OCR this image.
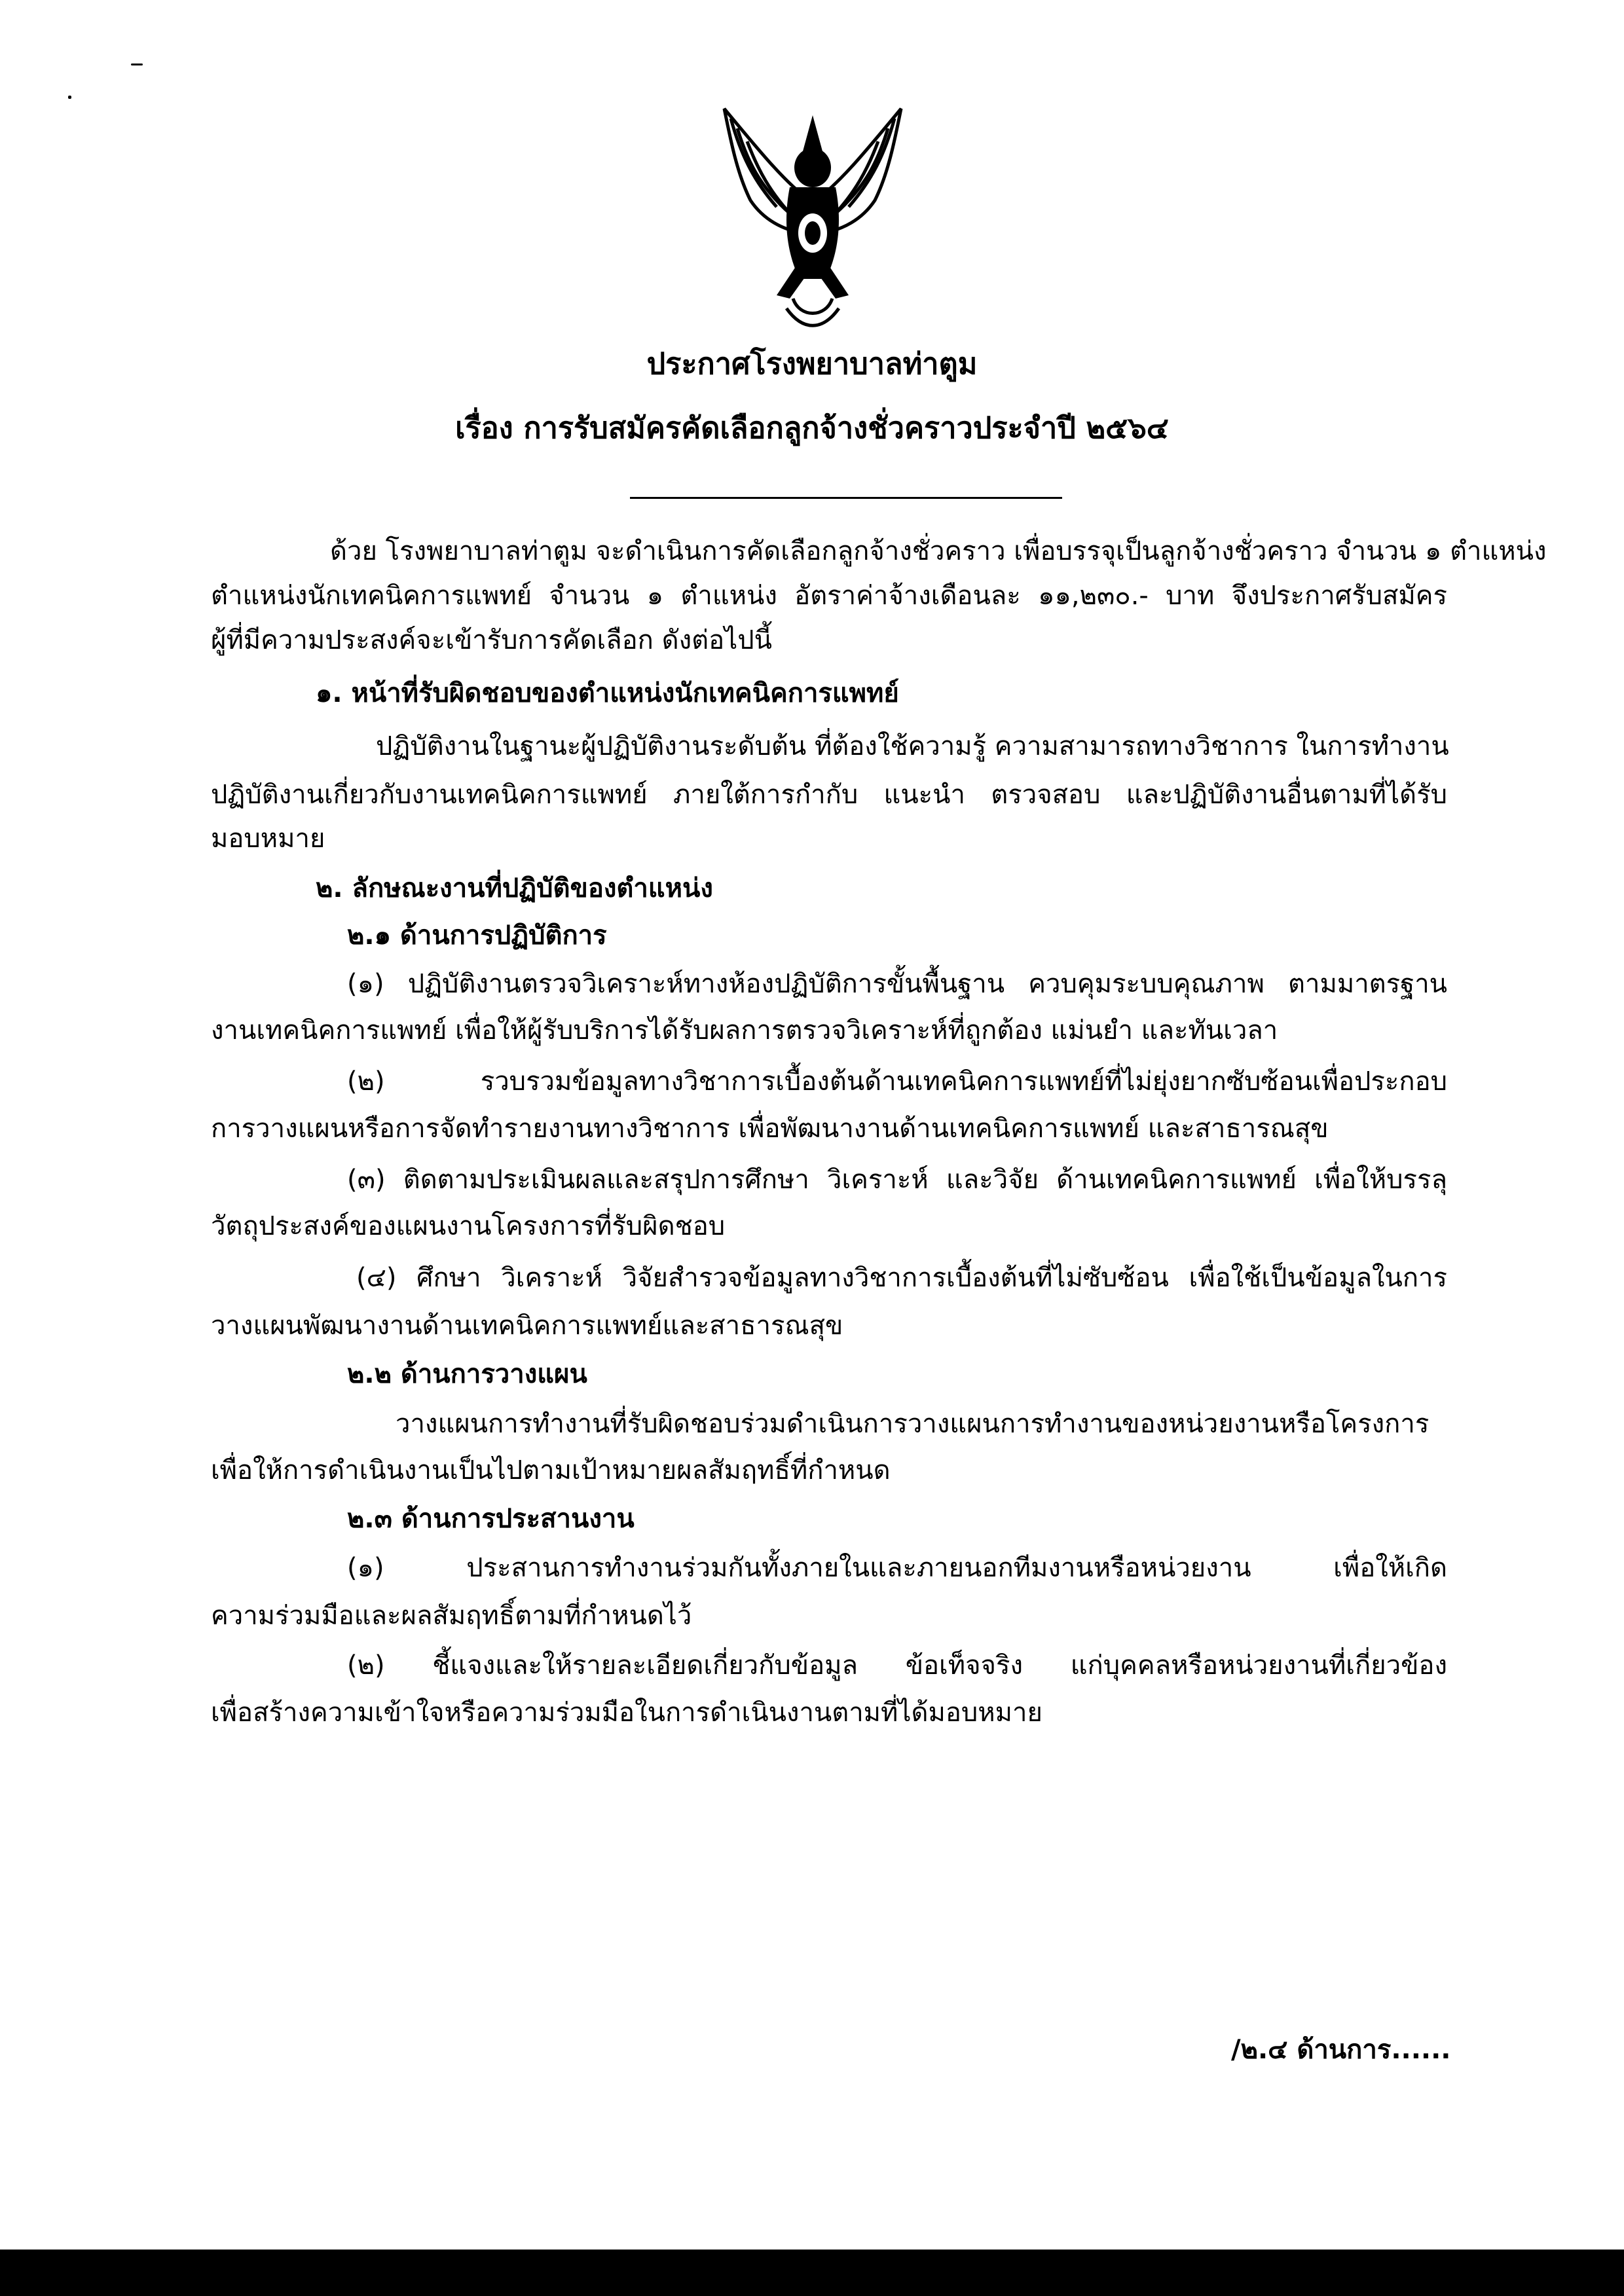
ประกาศโรงพยาบาลท่าตูม
เรื่อง การรับสมัครคัดเลือกลูกจ้างชั่วคราวประจำปี ๒๕๖๔
ด้วย โรงพยาบาลท่าตูม จะดำเนินการคัดเลือกลูกจ้างชั่วคราว เพื่อบรรจุเป็นลูกจ้างชั่วคราว จำนวน ๑ ตำแหน่ง
ตำแหน่งนักเทคนิคการแพทย์ จำนวน ๑ ตำแหน่ง อัตราค่าจ้างเดือนละ ๑๑,๒๓๐.- บาท จึงประกาศรับสมัคร
ผู้ที่มีความประสงค์จะเข้ารับการคัดเลือก ดังต่อไปนี้
๑. หน้าที่รับผิดชอบของตำแหน่งนักเทคนิคการแพทย์
ปฏิบัติงานในฐานะผู้ปฏิบัติงานระดับต้น ที่ต้องใช้ความรู้ ความสามารถทางวิชาการ ในการทำงาน
ปฏิบัติงานเกี่ยวกับงานเทคนิคการแพทย์ ภายใต้การกำกับ แนะนำ ตรวจสอบ และปฏิบัติงานอื่นตามที่ได้รับ
มอบหมาย
๒. ลักษณะงานที่ปฏิบัติของตำแหน่ง
๒.๑ ด้านการปฏิบัติการ
(๑) ปฏิบัติงานตรวจวิเคราะห์ทางห้องปฏิบัติการขั้นพื้นฐาน ควบคุมระบบคุณภาพ ตามมาตรฐาน
งานเทคนิคการแพทย์ เพื่อให้ผู้รับบริการได้รับผลการตรวจวิเคราะห์ที่ถูกต้อง แม่นยำ และทันเวลา
(๒) รวบรวมข้อมูลทางวิชาการเบื้องต้นด้านเทคนิคการแพทย์ที่ไม่ยุ่งยากซับซ้อนเพื่อประกอบ
การวางแผนหรือการจัดทำรายงานทางวิชาการ เพื่อพัฒนางานด้านเทคนิคการแพทย์ และสาธารณสุข
(๓) ติดตามประเมินผลและสรุปการศึกษา วิเคราะห์ และวิจัย ด้านเทคนิคการแพทย์ เพื่อให้บรรลุ
วัตถุประสงค์ของแผนงานโครงการที่รับผิดชอบ
(๔) ศึกษา วิเคราะห์ วิจัยสำรวจข้อมูลทางวิชาการเบื้องต้นที่ไม่ซับซ้อน เพื่อใช้เป็นข้อมูลในการ
วางแผนพัฒนางานด้านเทคนิคการแพทย์และสาธารณสุข
๒.๒ ด้านการวางแผน
วางแผนการทำงานที่รับผิดชอบร่วมดำเนินการวางแผนการทำงานของหน่วยงานหรือโครงการ
เพื่อให้การดำเนินงานเป็นไปตามเป้าหมายผลสัมฤทธิ์ที่กำหนด
๒.๓ ด้านการประสานงาน
(๑) ประสานการทำงานร่วมกันทั้งภายในและภายนอกทีมงานหรือหน่วยงาน เพื่อให้เกิด
ความร่วมมือและผลสัมฤทธิ์ตามที่กำหนดไว้
(๒) ชี้แจงและให้รายละเอียดเกี่ยวกับข้อมูล ข้อเท็จจริง แก่บุคคลหรือหน่วยงานที่เกี่ยวข้อง
เพื่อสร้างความเข้าใจหรือความร่วมมือในการดำเนินงานตามที่ได้มอบหมาย
/๒.๔ ด้านการ......
